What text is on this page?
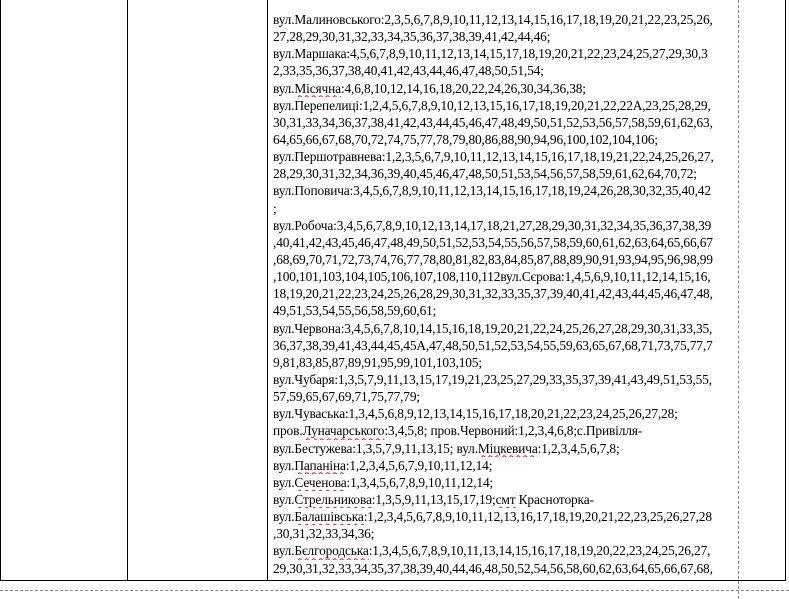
вул.Малиновського:2,3,5,6,7,8,9,10,11,12,13,14,15,16,17,18,19,20,21,22,23,25,26,
27,28,29,30,31,32,33,34,35,36,37,38,39,41,42,44,46;
вул.Маршака:4,5,6,7,8,9,10,11,12,13,14,15,17,18,19,20,21,22,23,24,25,27,29,30,3
2,33,35,36,37,38,40,41,42,43,44,46,47,48,50,51,54;
вул.Місячна:4,6,8,10,12,14,16,18,20,22,24,26,30,34,36,38;
вул.Перепелиці:1,2,4,5,6,7,8,9,10,12,13,15,16,17,18,19,20,21,22,22А,23,25,28,29,
30,31,33,34,36,37,38,41,42,43,44,45,46,47,48,49,50,51,52,53,56,57,58,59,61,62,63,
64,65,66,67,68,70,72,74,75,77,78,79,80,86,88,90,94,96,100,102,104,106;
вул.Першотравнева:1,2,3,5,6,7,9,10,11,12,13,14,15,16,17,18,19,21,22,24,25,26,27,
28,29,30,31,32,34,36,39,40,45,46,47,48,50,51,53,54,56,57,58,59,61,62,64,70,72;
вул.Поповича:3,4,5,6,7,8,9,10,11,12,13,14,15,16,17,18,19,24,26,28,30,32,35,40,42
;
вул.Робоча:3,4,5,6,7,8,9,10,12,13,14,17,18,21,27,28,29,30,31,32,34,35,36,37,38,39
,40,41,42,43,45,46,47,48,49,50,51,52,53,54,55,56,57,58,59,60,61,62,63,64,65,66,67
,68,69,70,71,72,73,74,76,77,78,80,81,82,83,84,85,87,88,89,90,91,93,94,95,96,98,99
,100,101,103,104,105,106,107,108,110,112вул.Сєрова:1,4,5,6,9,10,11,12,14,15,16,
18,19,20,21,22,23,24,25,26,28,29,30,31,32,33,35,37,39,40,41,42,43,44,45,46,47,48,
49,51,53,54,55,56,58,59,60,61;
вул.Червона:3,4,5,6,7,8,10,14,15,16,18,19,20,21,22,24,25,26,27,28,29,30,31,33,35,
36,37,38,39,41,43,44,45,45А,47,48,50,51,52,53,54,55,59,63,65,67,68,71,73,75,77,7
9,81,83,85,87,89,91,95,99,101,103,105;
вул.Чубаря:1,3,5,7,9,11,13,15,17,19,21,23,25,27,29,33,35,37,39,41,43,49,51,53,55,
57,59,65,67,69,71,75,77,79;
вул.Чуваська:1,3,4,5,6,8,9,12,13,14,15,16,17,18,20,21,22,23,24,25,26,27,28;
пров.Луначарського:3,4,5,8; пров.Червоний:1,2,3,4,6,8;с.Привілля-
вул.Бестужева:1,3,5,7,9,11,13,15; вул.Міцкевича:1,2,3,4,5,6,7,8;
вул.Папаніна:1,2,3,4,5,6,7,9,10,11,12,14;
вул.Сеченова:1,3,4,5,6,7,8,9,10,11,12,14;
вул.Стрельникова:1,3,5,9,11,13,15,17,19;смт Красноторка-
вул.Балашівська:1,2,3,4,5,6,7,8,9,10,11,12,13,16,17,18,19,20,21,22,23,25,26,27,28
,30,31,32,33,34,36;
вул.Бєлгородська:1,3,4,5,6,7,8,9,10,11,13,14,15,16,17,18,19,20,22,23,24,25,26,27,
29,30,31,32,33,34,35,37,38,39,40,44,46,48,50,52,54,56,58,60,62,63,64,65,66,67,68,
